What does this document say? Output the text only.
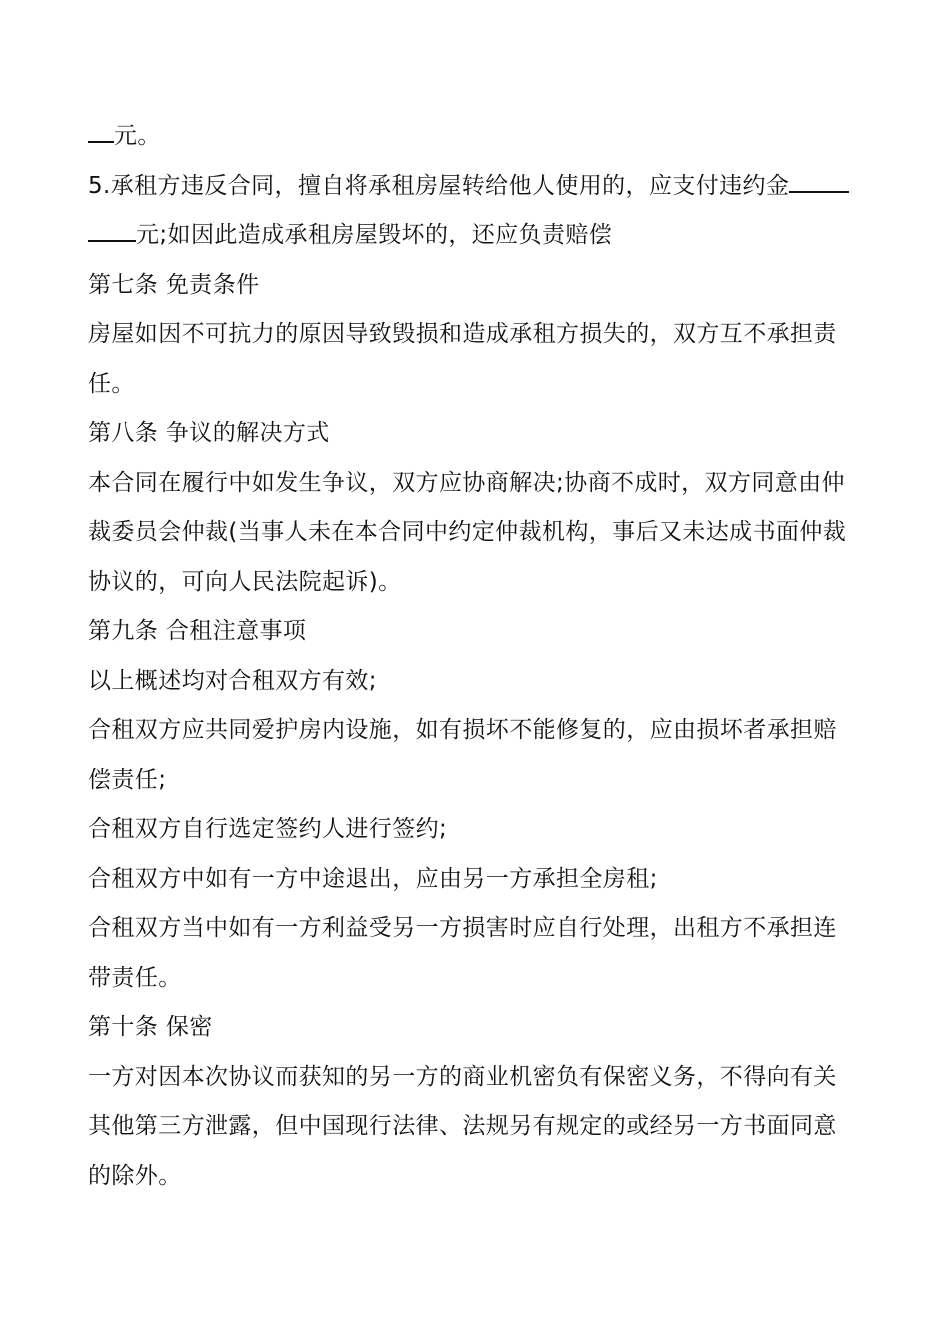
元。
5.承租方违反合同，擅自将承租房屋转给他人使用的，应支付违约金
元;如因此造成承租房屋毁坏的，还应负责赔偿
第七条 免责条件
房屋如因不可抗力的原因导致毁损和造成承租方损失的，双方互不承担责
任。
第八条 争议的解决方式
本合同在履行中如发生争议，双方应协商解决;协商不成时，双方同意由仲
裁委员会仲裁(当事人未在本合同中约定仲裁机构，事后又未达成书面仲裁
协议的，可向人民法院起诉)。
第九条 合租注意事项
以上概述均对合租双方有效;
合租双方应共同爱护房内设施，如有损坏不能修复的，应由损坏者承担赔
偿责任;
合租双方自行选定签约人进行签约;
合租双方中如有一方中途退出，应由另一方承担全房租;
合租双方当中如有一方利益受另一方损害时应自行处理，出租方不承担连
带责任。
第十条 保密
一方对因本次协议而获知的另一方的商业机密负有保密义务，不得向有关
其他第三方泄露，但中国现行法律、法规另有规定的或经另一方书面同意
的除外。
